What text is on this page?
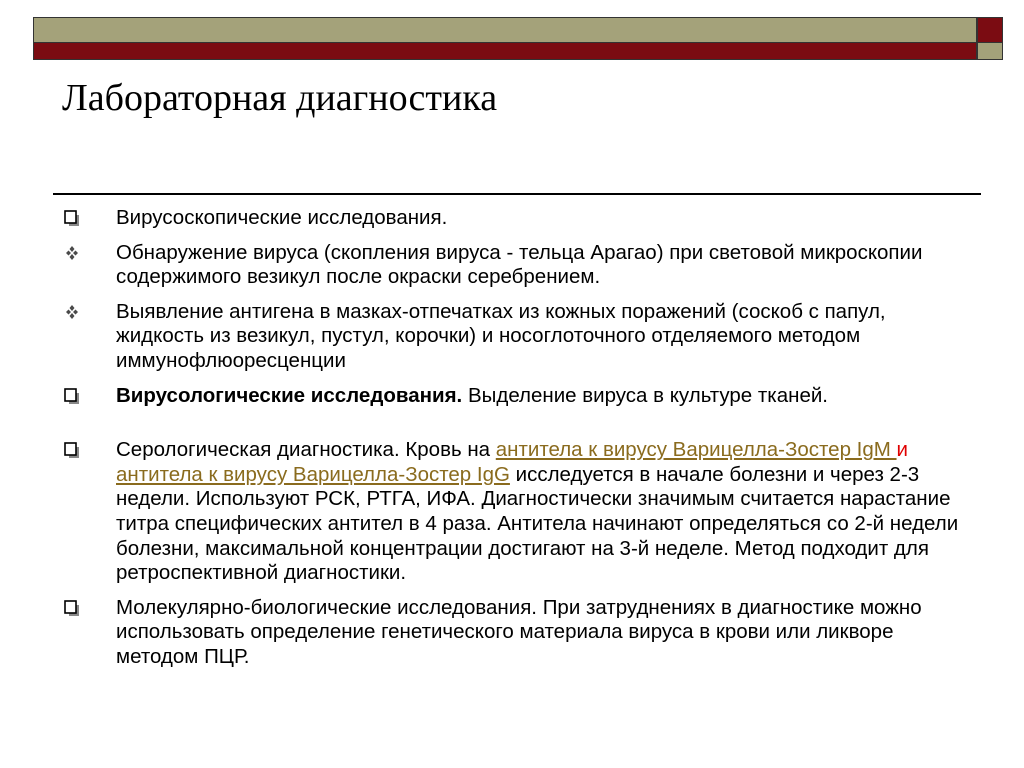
Лабораторная диагностика
Вирусоскопические исследования.
Обнаружение вируса (скопления вируса - тельца Арагао) при световой микроскопии содержимого везикул после окраски серебрением.
Выявление антигена в мазках-отпечатках из кожных поражений (соскоб с папул, жидкость из везикул, пустул, корочки) и носоглоточного отделяемого методом иммунофлюоресценции
Вирусологические исследования. Выделение вируса в культуре тканей.
Серологическая диагностика. Кровь на антитела к вирусу Варицелла-Зостер IgM и антитела к вирусу Варицелла-Зостер IgG исследуется в начале болезни и через 2-3 недели. Используют РСК, РТГА, ИФА. Диагностически значимым считается нарастание титра специфических антител в 4 раза. Антитела начинают определяться со 2-й недели болезни, максимальной концентрации достигают на 3-й неделе. Метод подходит для ретроспективной диагностики.
Молекулярно-биологические исследования. При затруднениях в диагностике можно использовать определение генетического материала вируса в крови или ликворе методом ПЦР.
